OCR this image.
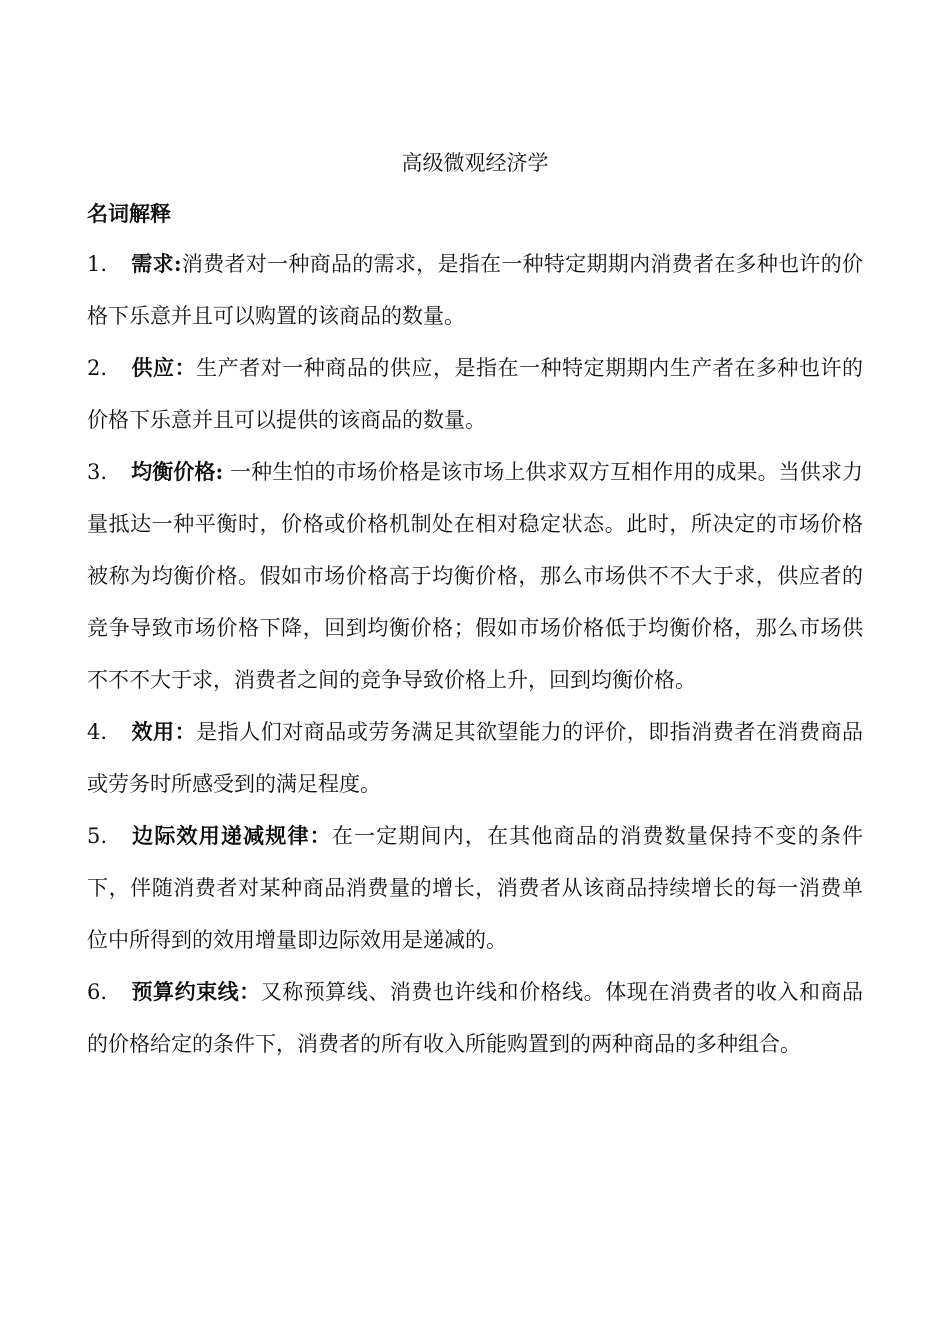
高级微观经济学
名词解释

1. 需求:消费者对一种商品的需求，是指在一种特定期期内消费者在多种也许的价格下乐意并且可以购置的该商品的数量。

2. 供应：生产者对一种商品的供应，是指在一种特定期期内生产者在多种也许的价格下乐意并且可以提供的该商品的数量。

3. 均衡价格: 一种生怕的市场价格是该市场上供求双方互相作用的成果。当供求力量抵达一种平衡时，价格或价格机制处在相对稳定状态。此时，所决定的市场价格被称为均衡价格。假如市场价格高于均衡价格，那么市场供不不大于求，供应者的竞争导致市场价格下降，回到均衡价格；假如市场价格低于均衡价格，那么市场供不不不大于求，消费者之间的竞争导致价格上升，回到均衡价格。

4. 效用：是指人们对商品或劳务满足其欲望能力的评价，即指消费者在消费商品或劳务时所感受到的满足程度。

5. 边际效用递减规律：在一定期间内，在其他商品的消费数量保持不变的条件下，伴随消费者对某种商品消费量的增长，消费者从该商品持续增长的每一消费单位中所得到的效用增量即边际效用是递减的。

6. 预算约束线：又称预算线、消费也许线和价格线。体现在消费者的收入和商品的价格给定的条件下，消费者的所有收入所能购置到的两种商品的多种组合。
